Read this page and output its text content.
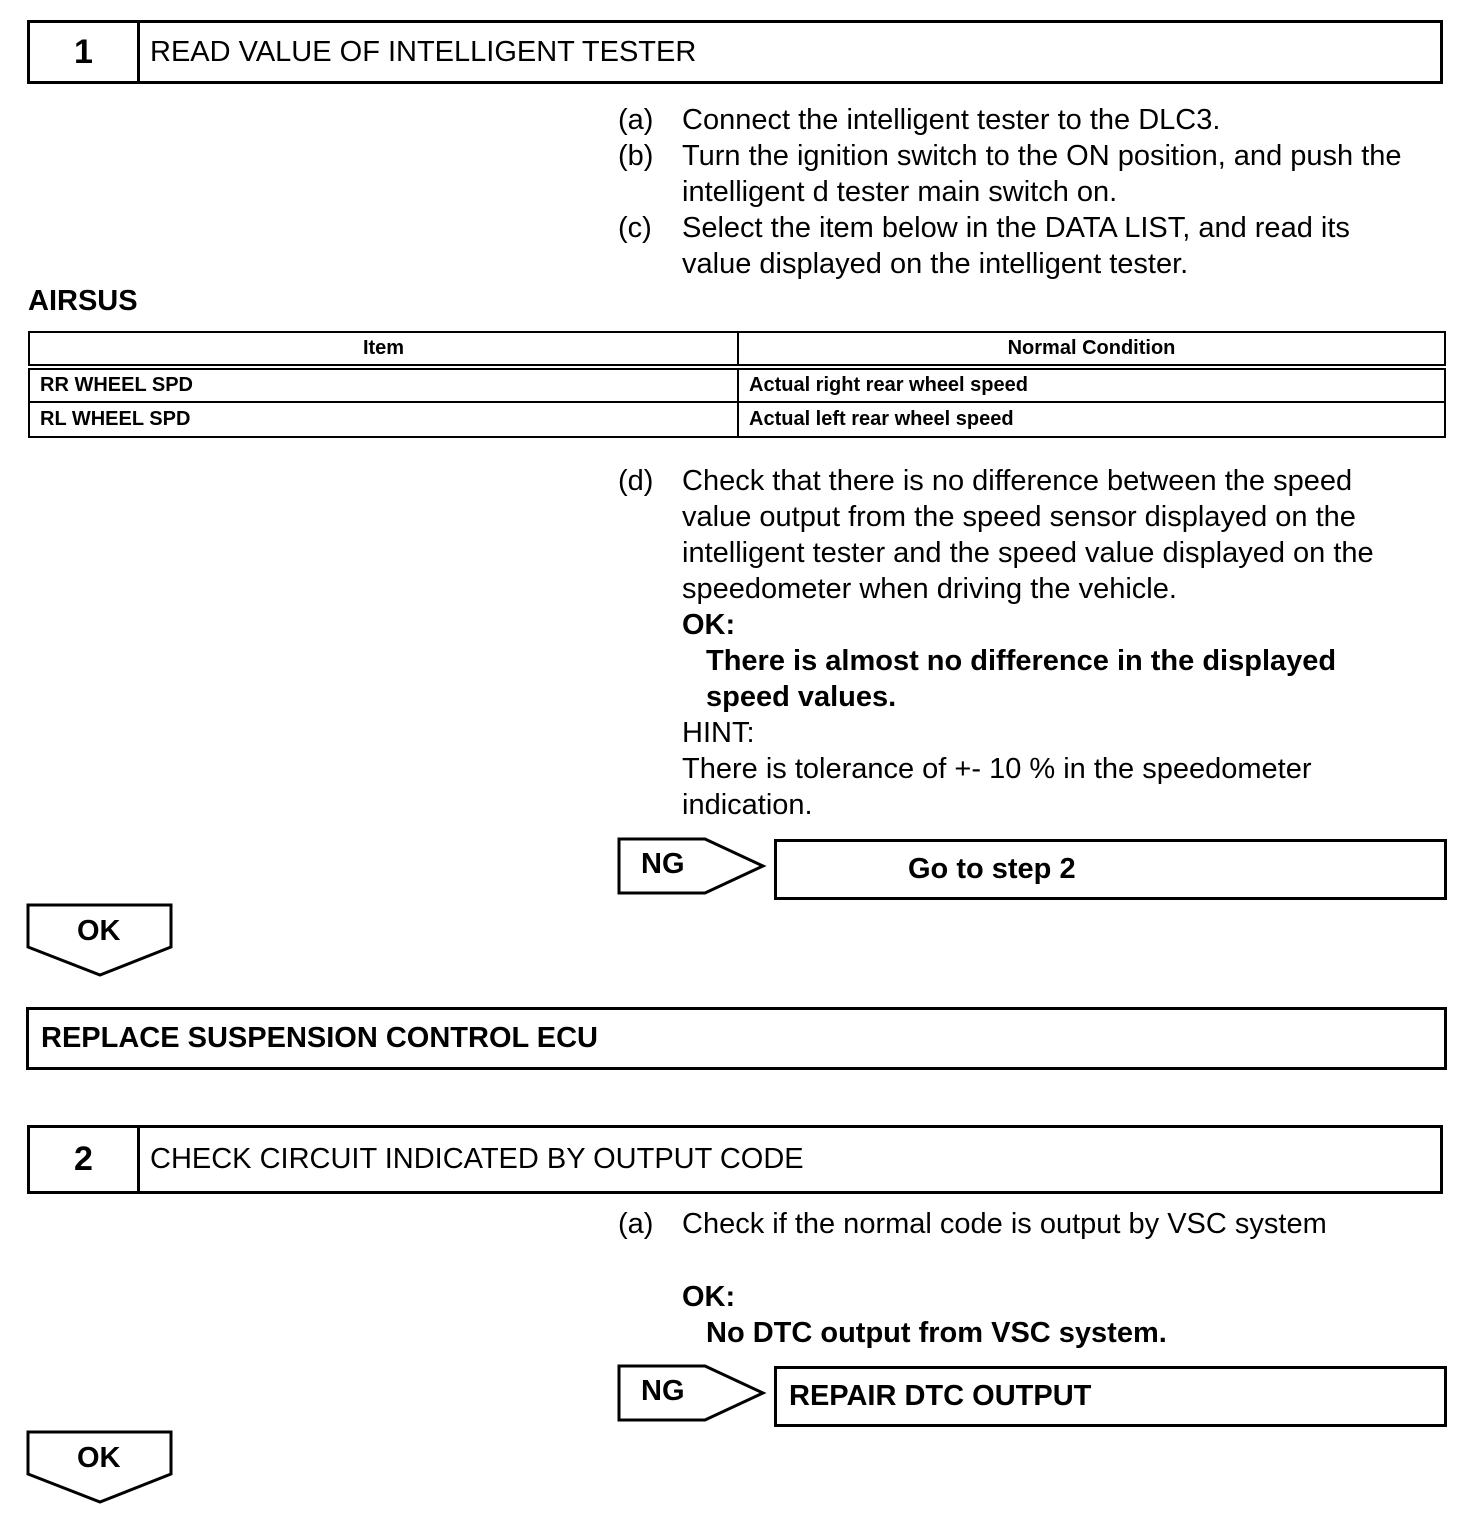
1	READ VALUE OF INTELLIGENT TESTER
(a) Connect the intelligent tester to the DLC3.
(b) Turn the ignition switch to the ON position, and push the
intelligent d tester main switch on.
(c) Select the item below in the DATA LIST, and read its
value displayed on the intelligent tester.
AIRSUS
Item	Normal Condition
RR WHEEL SPD	Actual right rear wheel speed
RL WHEEL SPD	Actual left rear wheel speed
(d) Check that there is no difference between the speed
value output from the speed sensor displayed on the
intelligent tester and the speed value displayed on the
speedometer when driving the vehicle.
OK:
There is almost no difference in the displayed
speed values.
HINT:
There is tolerance of +- 10 % in the speedometer
indication.
NG	Go to step 2
OK
REPLACE SUSPENSION CONTROL ECU
2	CHECK CIRCUIT INDICATED BY OUTPUT CODE
(a) Check if the normal code is output by VSC system
OK:
No DTC output from VSC system.
NG	REPAIR DTC OUTPUT
OK
